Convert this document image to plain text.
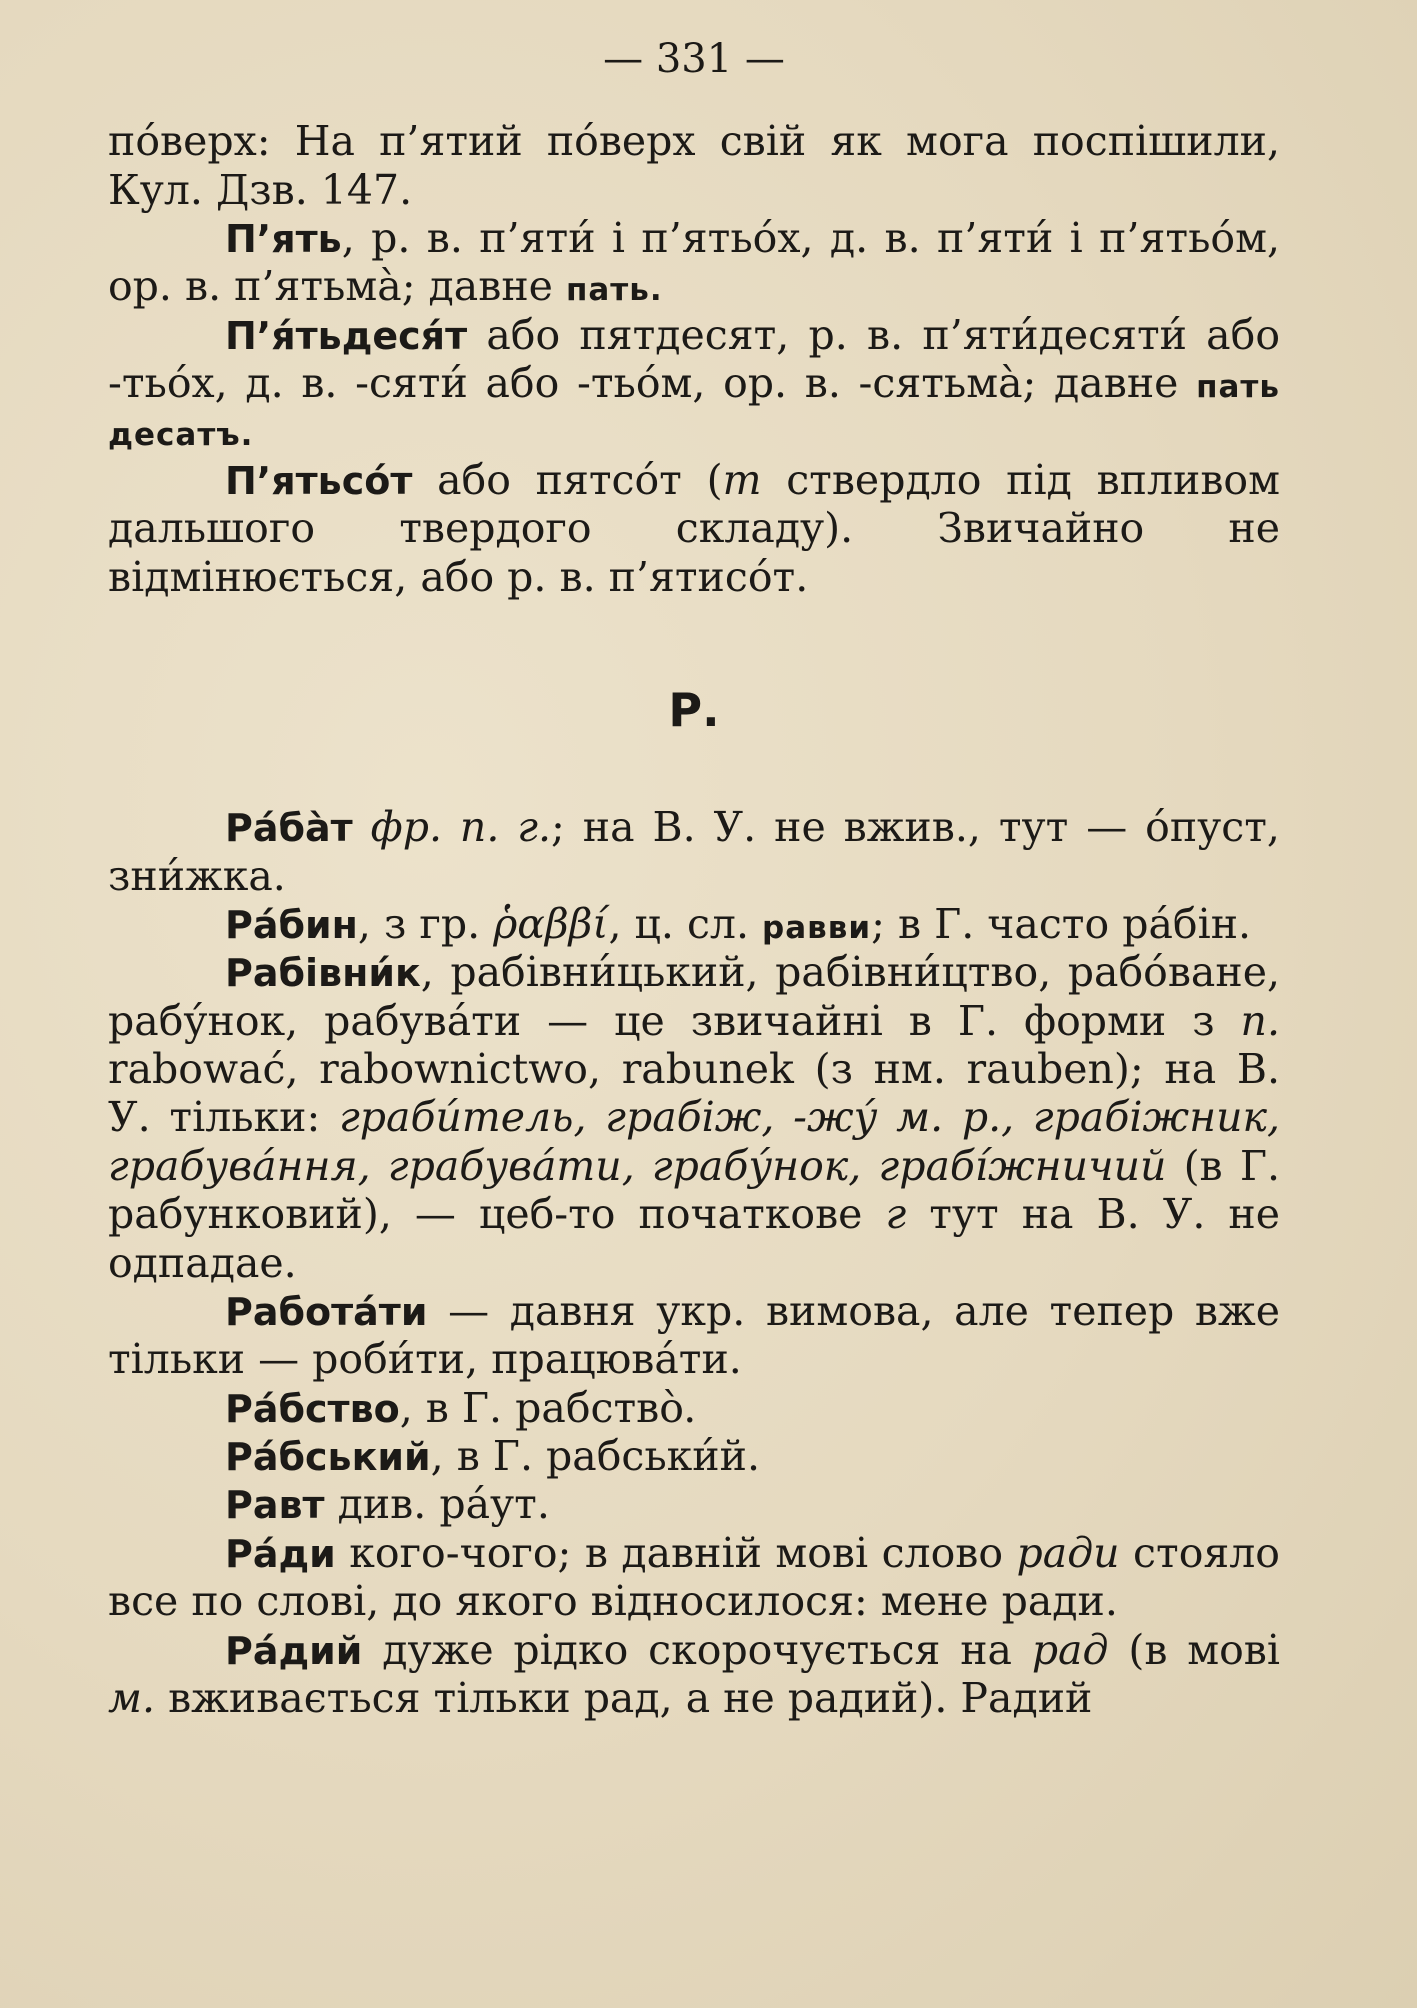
— 331 —

пóверх: На п’ятий пóверх свій як мога поспішили, Кул. Дзв. 147.

П’ять, р. в. п’яти́ і п’ятьóх, д. в. п’яти́ і п’ятьóм, ор. в. п’ятьмà; давне пать.

П’я́тьдеся́т або пятдесят, р. в. п’яти́десяти́ або -тьóх, д. в. -сяти́ або -тьóм, ор. в. -сятьмà; давне пать десатъ.

П’ятьсóт або пятсóт (т ствердло під впливом дальшого твердого складу). Звичайно не відмінюється, або р. в. п’ятисóт.

Р.

Ра́ба̀т фр. п. г.; на В. У. не вжив., тут — óпуст, зни́жка.

Ра́бин, з гр. ῥαββί, ц. сл. равви; в Г. часто рáбін.

Рабівни́к, рабівни́цький, рабівни́цтво, рабóване, рабу́нок, рабува́ти — це звичайні в Г. форми з п. rabować, rabownictwo, rabunek (з нм. rauben); на В. У. тільки: грабúтель, грабіж, -жу́ м. р., грабіжник, грабува́ння, грабува́ти, грабу́нок, грабі́жничий (в Г. рабунковий), — цеб-то початкове г тут на В. У. не одпадае.

Работа́ти — давня укр. вимова, але тепер вже тільки — роби́ти, працюва́ти.

Ра́бство, в Г. рабствò.

Ра́бський, в Г. рабськи́й.

Равт див. ра́ут.

Ра́ди кого-чого; в давній мові слово ради стояло все по слові, до якого відносилося: мене ради.

Ра́дий дуже рідко скорочується на рад (в мові м. вживається тільки рад, а не радий). Радий
